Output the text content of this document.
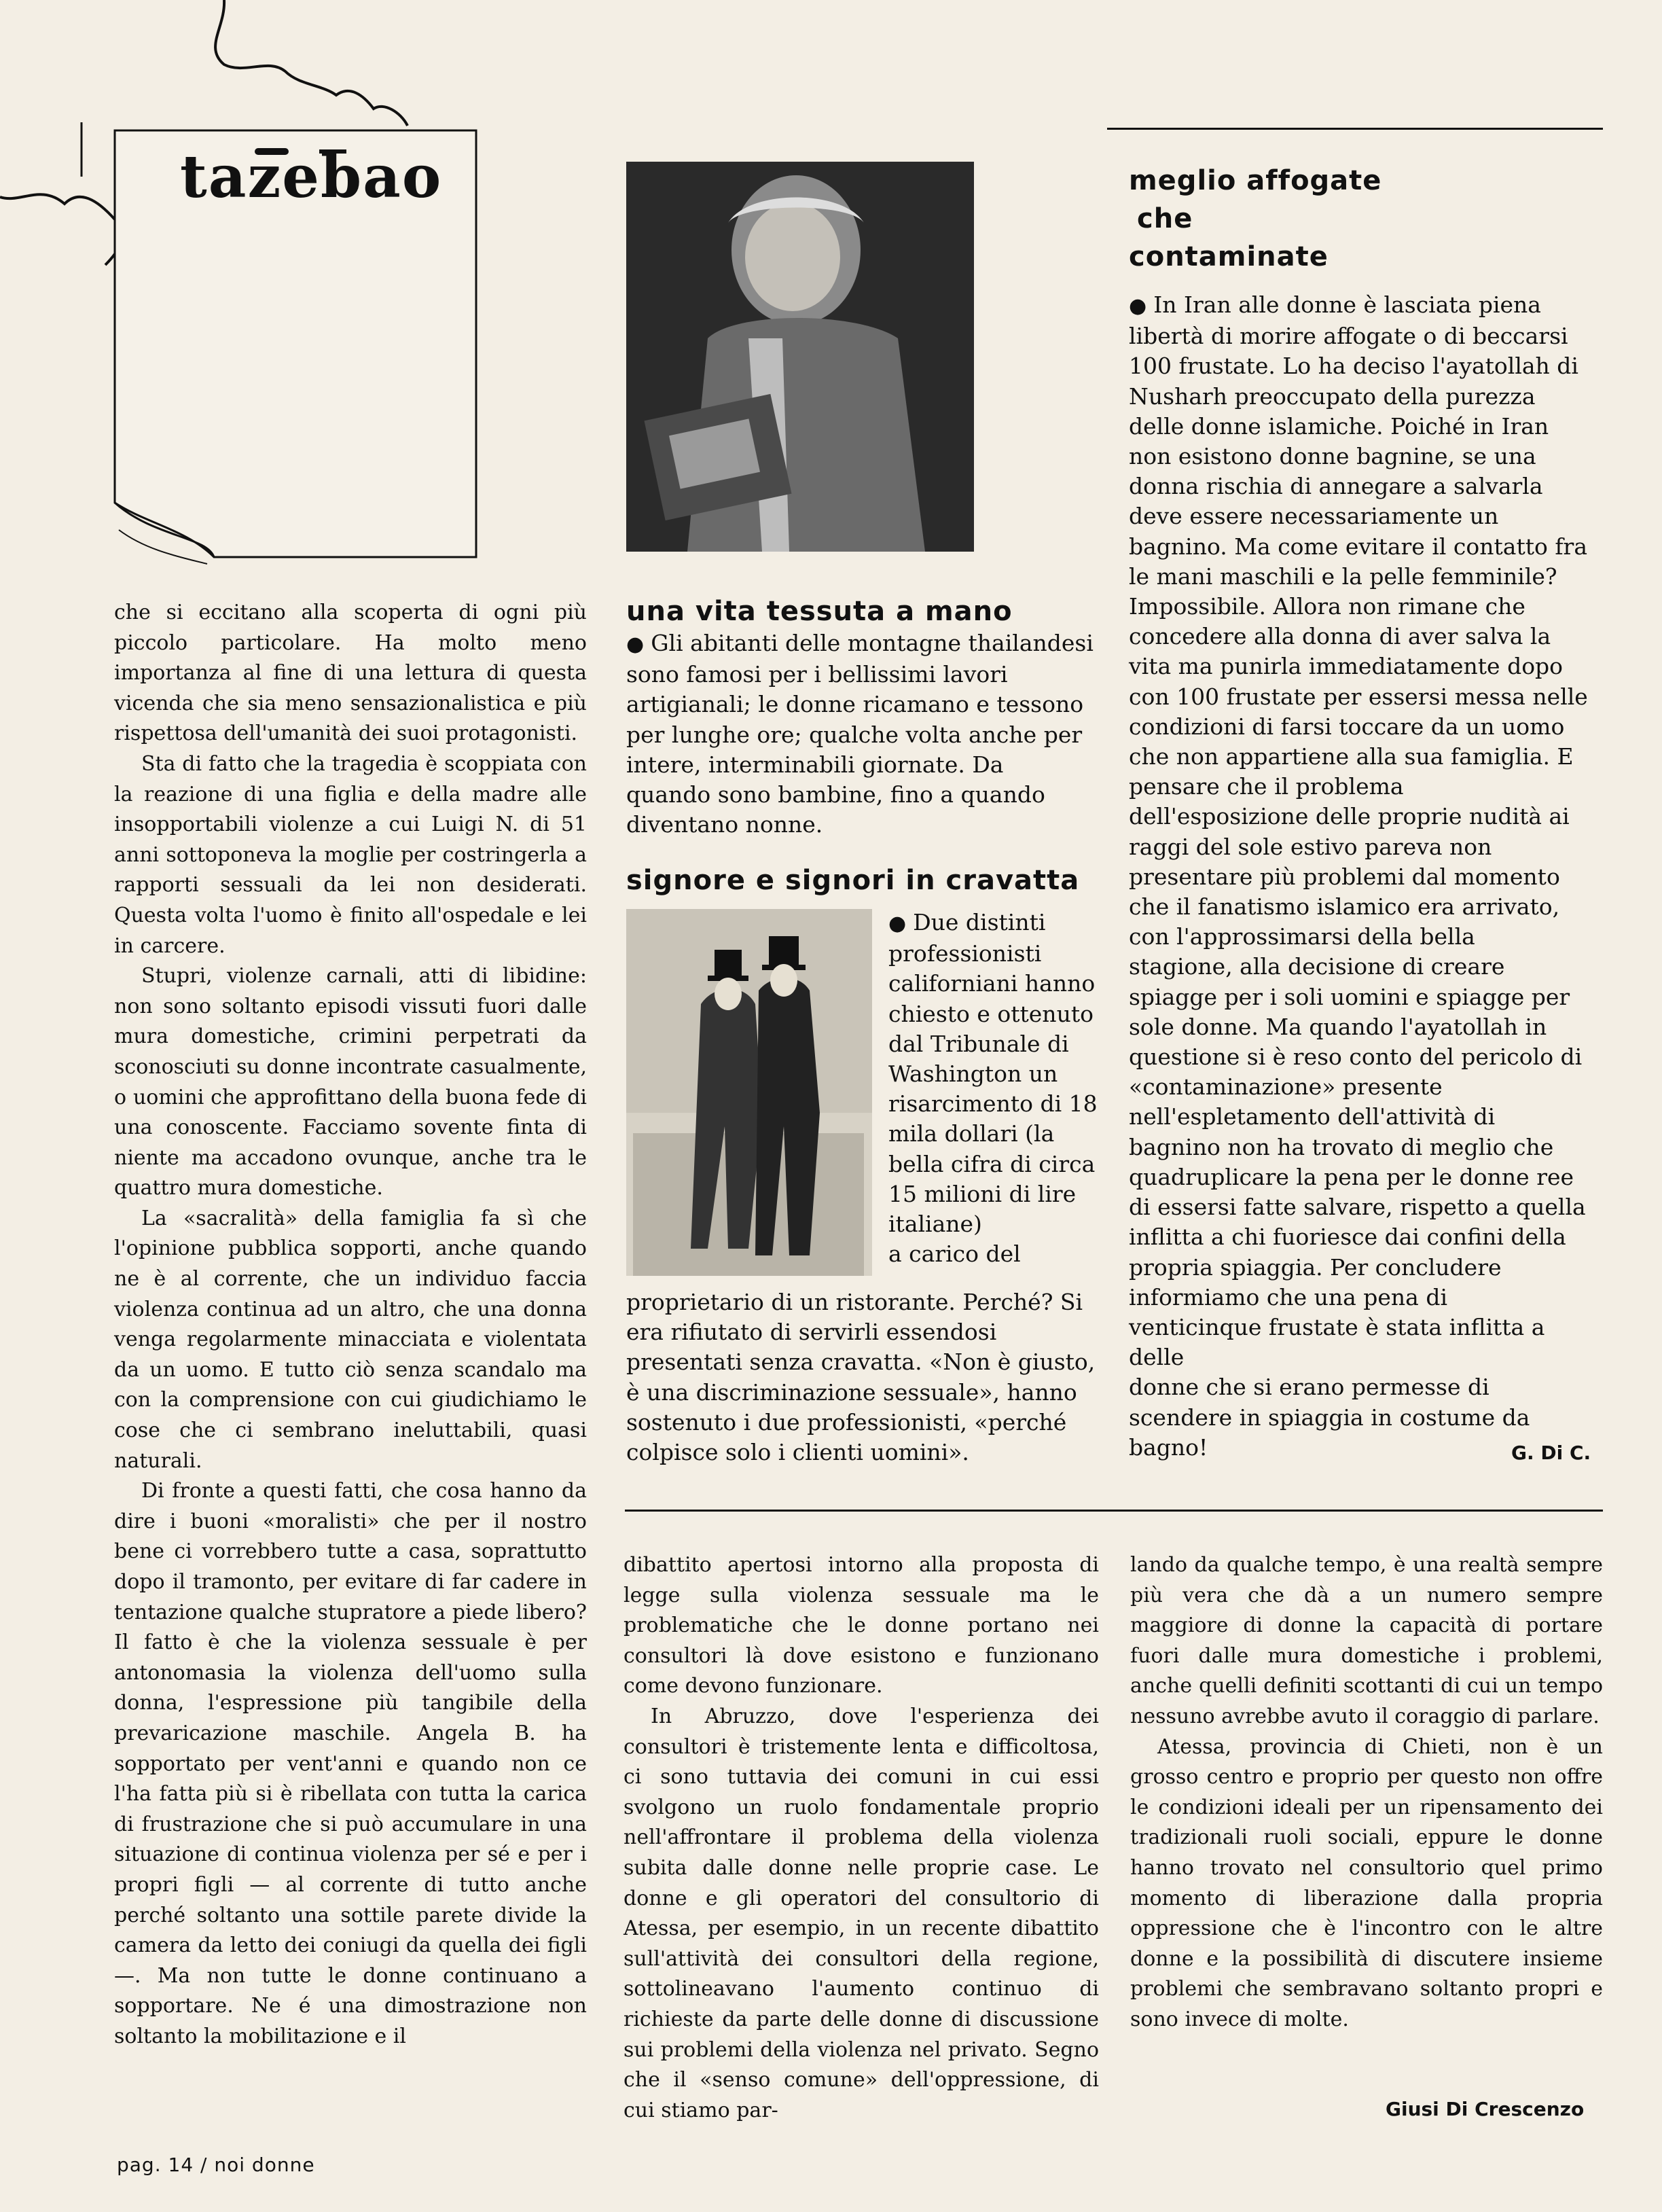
tazebao

che si eccitano alla scoperta di ogni più piccolo particolare. Ha molto meno importanza al fine di una lettura di questa vicenda che sia meno sensazionalistica e più rispettosa dell'umanità dei suoi protagonisti.

Sta di fatto che la tragedia è scoppiata con la reazione di una figlia e della madre alle insopportabili violenze a cui Luigi N. di 51 anni sottoponeva la moglie per costringerla a rapporti sessuali da lei non desiderati. Questa volta l'uomo è finito all'ospedale e lei in carcere.

Stupri, violenze carnali, atti di libidine: non sono soltanto episodi vissuti fuori dalle mura domestiche, crimini perpetrati da sconosciuti su donne incontrate casualmente, o uomini che approfittano della buona fede di una conoscente. Facciamo sovente finta di niente ma accadono ovunque, anche tra le quattro mura domestiche.

La «sacralità» della famiglia fa sì che l'opinione pubblica sopporti, anche quando ne è al corrente, che un individuo faccia violenza continua ad un altro, che una donna venga regolarmente minacciata e violentata da un uomo. E tutto ciò senza scandalo ma con la comprensione con cui giudichiamo le cose che ci sembrano ineluttabili, quasi naturali.

Di fronte a questi fatti, che cosa hanno da dire i buoni «moralisti» che per il nostro bene ci vorrebbero tutte a casa, soprattutto dopo il tramonto, per evitare di far cadere in tentazione qualche stupratore a piede libero? Il fatto è che la violenza sessuale è per antonomasia la violenza dell'uomo sulla donna, l'espressione più tangibile della prevaricazione maschile. Angela B. ha sopportato per vent'anni e quando non ce l'ha fatta più si è ribellata con tutta la carica di frustrazione che si può accumulare in una situazione di continua violenza per sé e per i propri figli — al corrente di tutto anche perché soltanto una sottile parete divide la camera da letto dei coniugi da quella dei figli —. Ma non tutte le donne continuano a sopportare. Ne é una dimostrazione non soltanto la mobilitazione e il

una vita tessuta a mano

● Gli abitanti delle montagne thailandesi sono famosi per i bellissimi lavori artigianali; le donne ricamano e tessono per lunghe ore; qualche volta anche per intere, interminabili giornate. Da quando sono bambine, fino a quando diventano nonne.

signore e signori in cravatta

● Due distinti

professionisti

californiani hanno

chiesto e ottenuto

dal Tribunale di

Washington un

risarcimento di 18

mila dollari (la

bella cifra di circa

15 milioni di lire

italiane)

a carico del

proprietario di un ristorante. Perché? Si era rifiutato di servirli essendosi presentati senza cravatta. «Non è giusto, è una discriminazione sessuale», hanno sostenuto i due professionisti, «perché colpisce solo i clienti uomini».

meglio affogate
che
contaminate

● In Iran alle donne è lasciata piena

libertà di morire affogate o di beccarsi

100 frustate. Lo ha deciso l'ayatollah di

Nusharh preoccupato della purezza

delle donne islamiche. Poiché in Iran

non esistono donne bagnine, se una

donna rischia di annegare a salvarla

deve essere necessariamente un

bagnino. Ma come evitare il contatto fra

le mani maschili e la pelle femminile?

Impossibile. Allora non rimane che

concedere alla donna di aver salva la

vita ma punirla immediatamente dopo

con 100 frustate per essersi messa nelle

condizioni di farsi toccare da un uomo

che non appartiene alla sua famiglia. E

pensare che il problema

dell'esposizione delle proprie nudità ai

raggi del sole estivo pareva non

presentare più problemi dal momento

che il fanatismo islamico era arrivato,

con l'approssimarsi della bella

stagione, alla decisione di creare

spiagge per i soli uomini e spiagge per

sole donne. Ma quando l'ayatollah in

questione si è reso conto del pericolo di

«contaminazione» presente

nell'espletamento dell'attività di

bagnino non ha trovato di meglio che

quadruplicare la pena per le donne ree

di essersi fatte salvare, rispetto a quella

inflitta a chi fuoriesce dai confini della

propria spiaggia. Per concludere

informiamo che una pena di

venticinque frustate è stata inflitta a delle

donne che si erano permesse di

scendere in spiaggia in costume da

bagno!	G. Di C.

dibattito apertosi intorno alla proposta di legge sulla violenza sessuale ma le problematiche che le donne portano nei consultori là dove esistono e funzionano come devono funzionare.

In Abruzzo, dove l'esperienza dei consultori è tristemente lenta e difficoltosa, ci sono tuttavia dei comuni in cui essi svolgono un ruolo fondamentale proprio nell'affrontare il problema della violenza subita dalle donne nelle proprie case. Le donne e gli operatori del consultorio di Atessa, per esempio, in un recente dibattito sull'attività dei consultori della regione, sottolineavano l'aumento continuo di richieste da parte delle donne di discussione sui problemi della violenza nel privato. Segno che il «senso comune» dell'oppressione, di cui stiamo par-

lando da qualche tempo, è una realtà sempre più vera che dà a un numero sempre maggiore di donne la capacità di portare fuori dalle mura domestiche i problemi, anche quelli definiti scottanti di cui un tempo nessuno avrebbe avuto il coraggio di parlare.

Atessa, provincia di Chieti, non è un grosso centro e proprio per questo non offre le condizioni ideali per un ripensamento dei tradizionali ruoli sociali, eppure le donne hanno trovato nel consultorio quel primo momento di liberazione dalla propria oppressione che è l'incontro con le altre donne e la possibilità di discutere insieme problemi che sembravano soltanto propri e sono invece di molte.

Giusi Di Crescenzo
pag. 14 / noi donne
